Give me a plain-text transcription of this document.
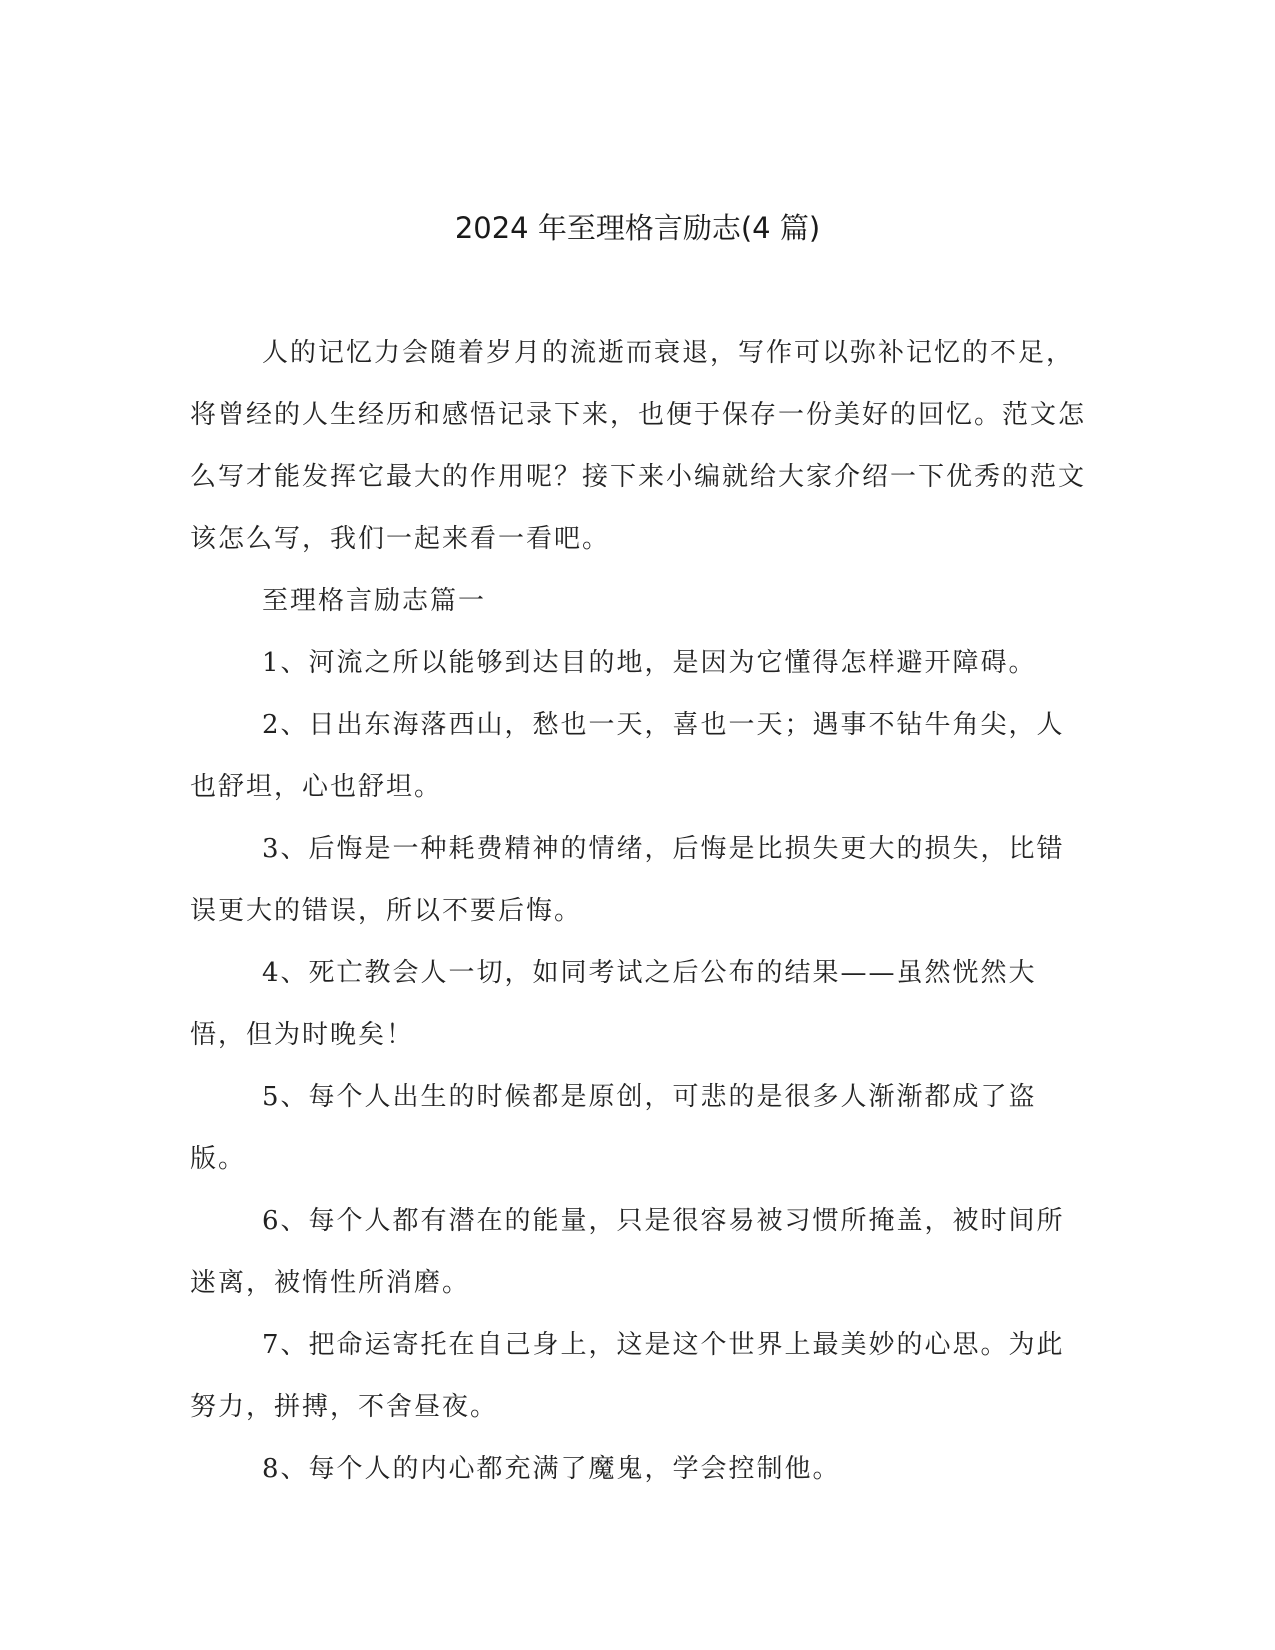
2024 年至理格言励志(4 篇)

人的记忆力会随着岁月的流逝而衰退，写作可以弥补记忆的不足，将曾经的人生经历和感悟记录下来，也便于保存一份美好的回忆。范文怎么写才能发挥它最大的作用呢？接下来小编就给大家介绍一下优秀的范文该怎么写，我们一起来看一看吧。

至理格言励志篇一

1、河流之所以能够到达目的地，是因为它懂得怎样避开障碍。

2、日出东海落西山，愁也一天，喜也一天；遇事不钻牛角尖，人也舒坦，心也舒坦。

3、后悔是一种耗费精神的情绪，后悔是比损失更大的损失，比错误更大的错误，所以不要后悔。

4、死亡教会人一切，如同考试之后公布的结果——虽然恍然大悟，但为时晚矣！

5、每个人出生的时候都是原创，可悲的是很多人渐渐都成了盗版。

6、每个人都有潜在的能量，只是很容易被习惯所掩盖，被时间所迷离，被惰性所消磨。

7、把命运寄托在自己身上，这是这个世界上最美妙的心思。为此努力，拼搏，不舍昼夜。

8、每个人的内心都充满了魔鬼，学会控制他。
